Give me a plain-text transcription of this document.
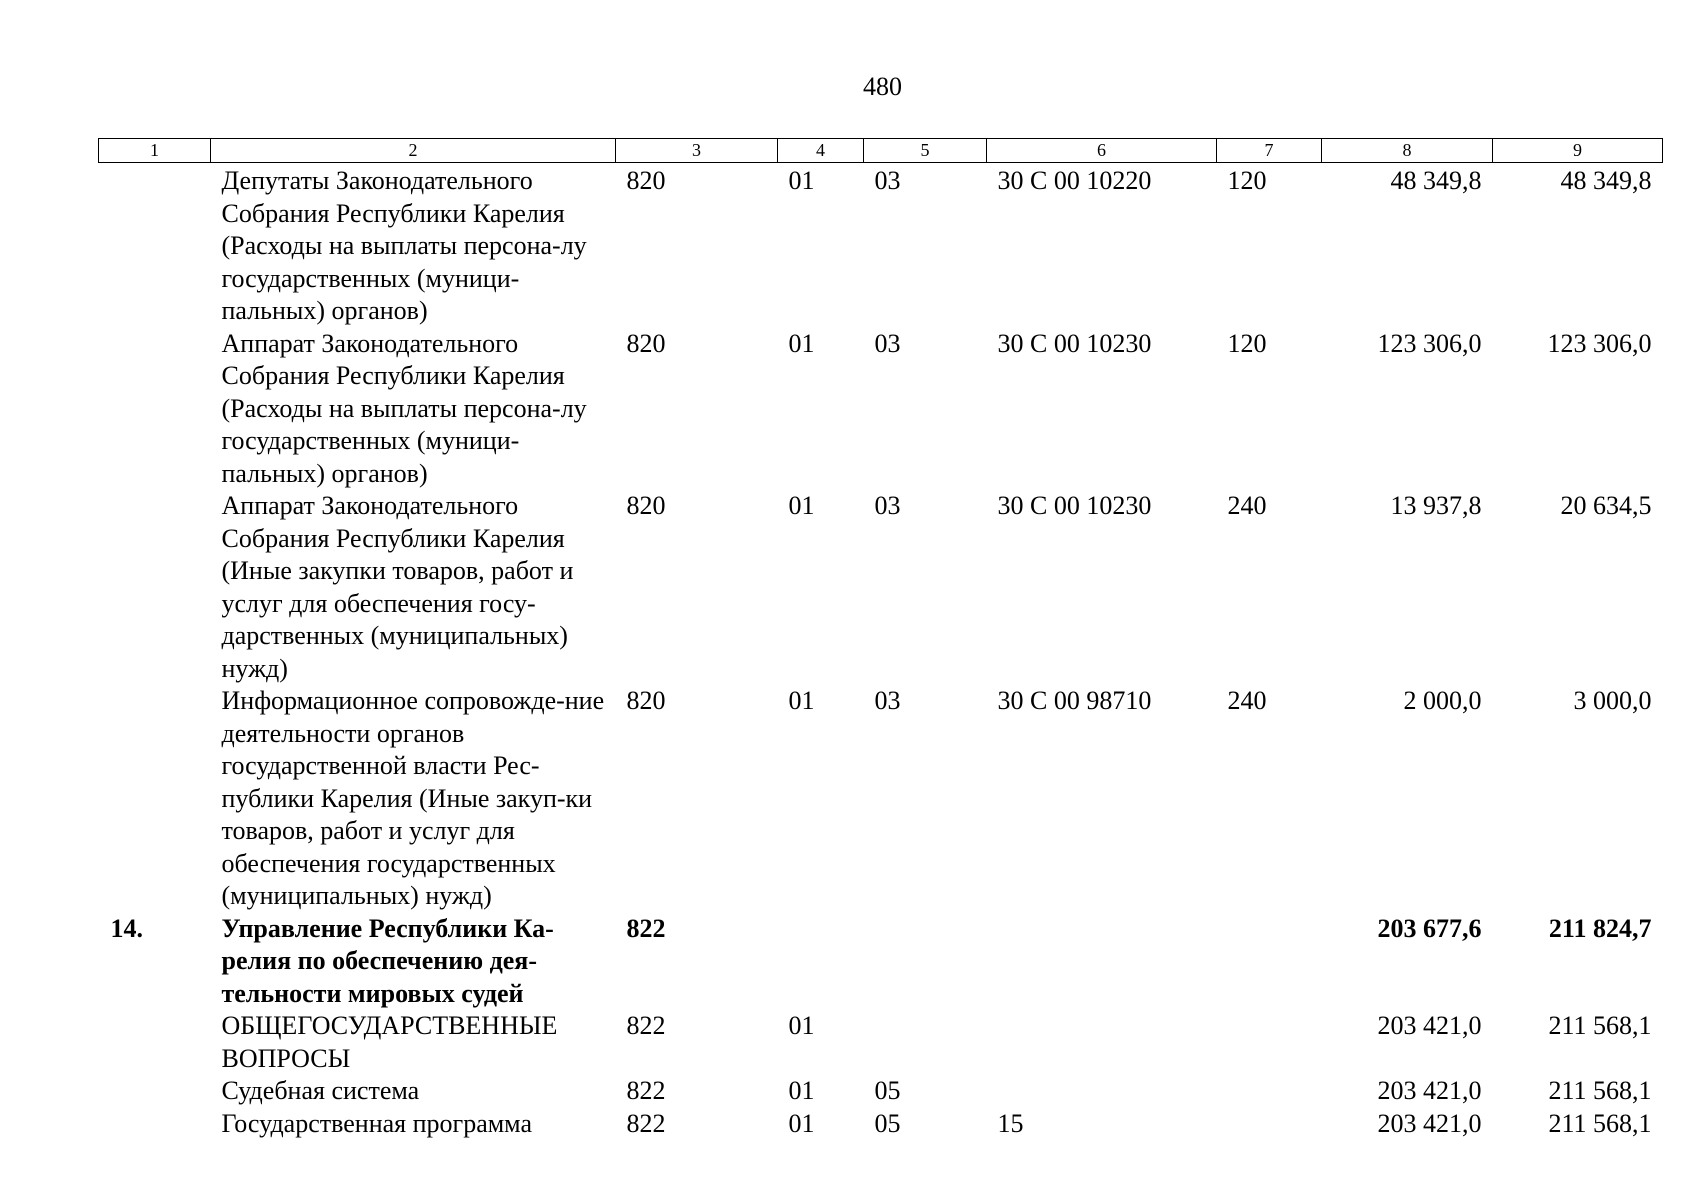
480
1	2	3	4	5	6	7	8	9
	Депутаты Законодательного Собрания Республики Карелия (Расходы на выплаты персона-лу государственных (муници-пальных) органов)	820	01	03	30 С 00 10220	120	48 349,8	48 349,8
	Аппарат Законодательного Собрания Республики Карелия (Расходы на выплаты персона-лу государственных (муници-пальных) органов)	820	01	03	30 С 00 10230	120	123 306,0	123 306,0
	Аппарат Законодательного Собрания Республики Карелия (Иные закупки товаров, работ и услуг для обеспечения госу-дарственных (муниципальных) нужд)	820	01	03	30 С 00 10230	240	13 937,8	20 634,5
	Информационное сопровожде-ние деятельности органов государственной власти Рес-публики Карелия (Иные закуп-ки товаров, работ и услуг для обеспечения государственных (муниципальных) нужд)	820	01	03	30 С 00 98710	240	2 000,0	3 000,0
14.	Управление Республики Ка-релия по обеспечению дея-тельности мировых судей	822					203 677,6	211 824,7
	ОБЩЕГОСУДАРСТВЕННЫЕ ВОПРОСЫ	822	01				203 421,0	211 568,1
	Судебная система	822	01	05			203 421,0	211 568,1
	Государственная программа	822	01	05	15		203 421,0	211 568,1
